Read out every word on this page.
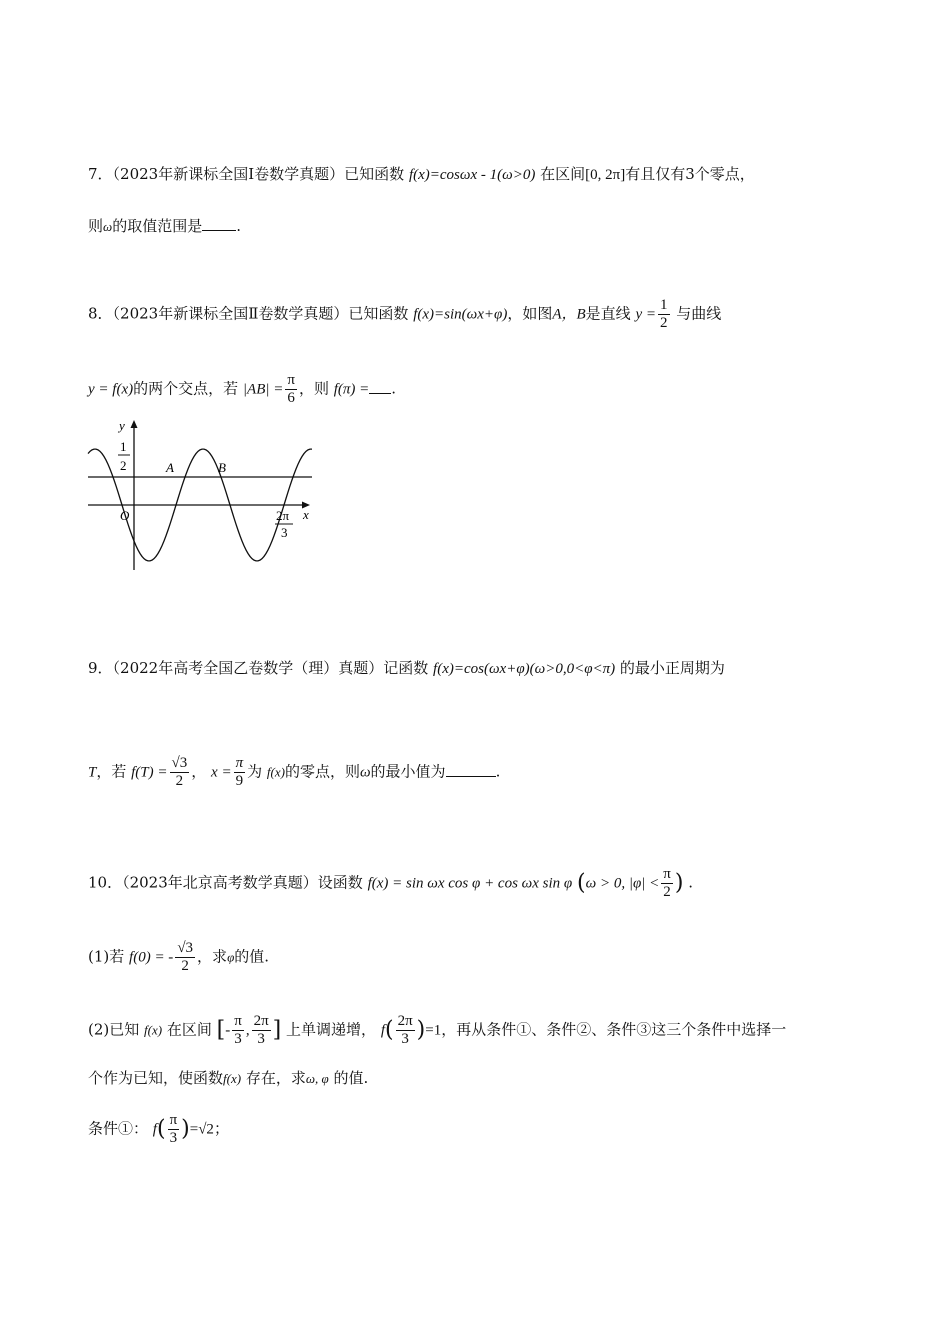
7．（2023年新课标全国Ⅰ卷数学真题）已知函数 f(x)=cosωx - 1(ω>0) 在区间[0, 2π]有且仅有3个零点，
则ω的取值范围是 .
8．（2023年新课标全国Ⅱ卷数学真题）已知函数 f(x)=sin(ωx+φ)，如图A，B是直线 $y = \frac{1}{2}$ 与曲线
y = f(x)的两个交点，若 $|AB| = \frac{\pi}{6}$ ，则 f(π) = .
y
x
O
1
2	A	B
2π
3
9．（2022年高考全国乙卷数学（理）真题）记函数 f(x)=cos(ωx+φ)(ω>0,0<φ<π) 的最小正周期为
T，若 $f(T) = \frac{√3}{2}$ ， $x = \frac{\pi}{9}$ 为 f(x)的零点，则ω的最小值为	.
10．（2023年北京高考数学真题）设函数 f(x) = sin ωx cos φ + cos ωx sin φ (ω > 0, $|\varphi| < \frac{\pi}{2}$ ) .
(1)若 f(0) = - $\frac{√3}{2}$ ，求φ的值.
(2)已知 f(x) 在区间 [- $\frac{\pi}{3}$ , $\frac{2\pi}{3}$ ] 上单调递增， $f( \frac{2\pi}{3} )=1$，再从条件①、条件②、条件③这三个条件中选择一
个作为已知，使函数f(x) 存在，求ω, φ 的值.
条件①： $f( \frac{\pi}{3} )=√2$；
